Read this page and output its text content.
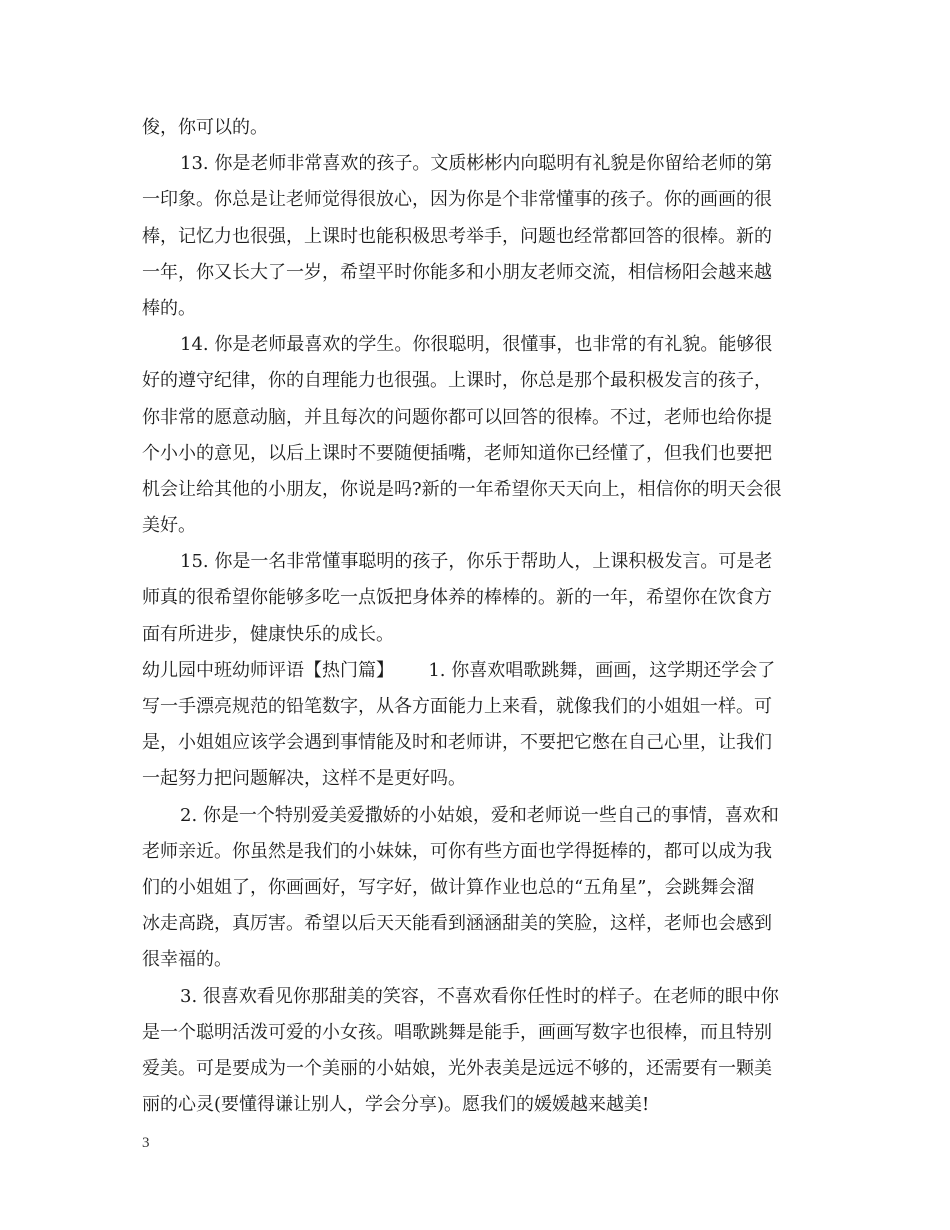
俊，你可以的。
13. 你是老师非常喜欢的孩子。文质彬彬内向聪明有礼貌是你留给老师的第
一印象。你总是让老师觉得很放心，因为你是个非常懂事的孩子。你的画画的很
棒，记忆力也很强，上课时也能积极思考举手，问题也经常都回答的很棒。新的
一年，你又长大了一岁，希望平时你能多和小朋友老师交流，相信杨阳会越来越
棒的。
14. 你是老师最喜欢的学生。你很聪明，很懂事，也非常的有礼貌。能够很
好的遵守纪律，你的自理能力也很强。上课时，你总是那个最积极发言的孩子，
你非常的愿意动脑，并且每次的问题你都可以回答的很棒。不过，老师也给你提
个小小的意见，以后上课时不要随便插嘴，老师知道你已经懂了，但我们也要把
机会让给其他的小朋友，你说是吗?新的一年希望你天天向上，相信你的明天会很
美好。
15. 你是一名非常懂事聪明的孩子，你乐于帮助人，上课积极发言。可是老
师真的很希望你能够多吃一点饭把身体养的棒棒的。新的一年，希望你在饮食方
面有所进步，健康快乐的成长。
幼儿园中班幼师评语【热门篇】      1. 你喜欢唱歌跳舞，画画，这学期还学会了
写一手漂亮规范的铅笔数字，从各方面能力上来看，就像我们的小姐姐一样。可
是，小姐姐应该学会遇到事情能及时和老师讲，不要把它憋在自己心里，让我们
一起努力把问题解决，这样不是更好吗。
2. 你是一个特别爱美爱撒娇的小姑娘，爱和老师说一些自己的事情，喜欢和
老师亲近。你虽然是我们的小妹妹，可你有些方面也学得挺棒的，都可以成为我
们的小姐姐了，你画画好，写字好，做计算作业也总的“五角星”，会跳舞会溜
冰走高跷，真厉害。希望以后天天能看到涵涵甜美的笑脸，这样，老师也会感到
很幸福的。
3. 很喜欢看见你那甜美的笑容，不喜欢看你任性时的样子。在老师的眼中你
是一个聪明活泼可爱的小女孩。唱歌跳舞是能手，画画写数字也很棒，而且特别
爱美。可是要成为一个美丽的小姑娘，光外表美是远远不够的，还需要有一颗美
丽的心灵(要懂得谦让别人，学会分享)。愿我们的媛媛越来越美!
3
